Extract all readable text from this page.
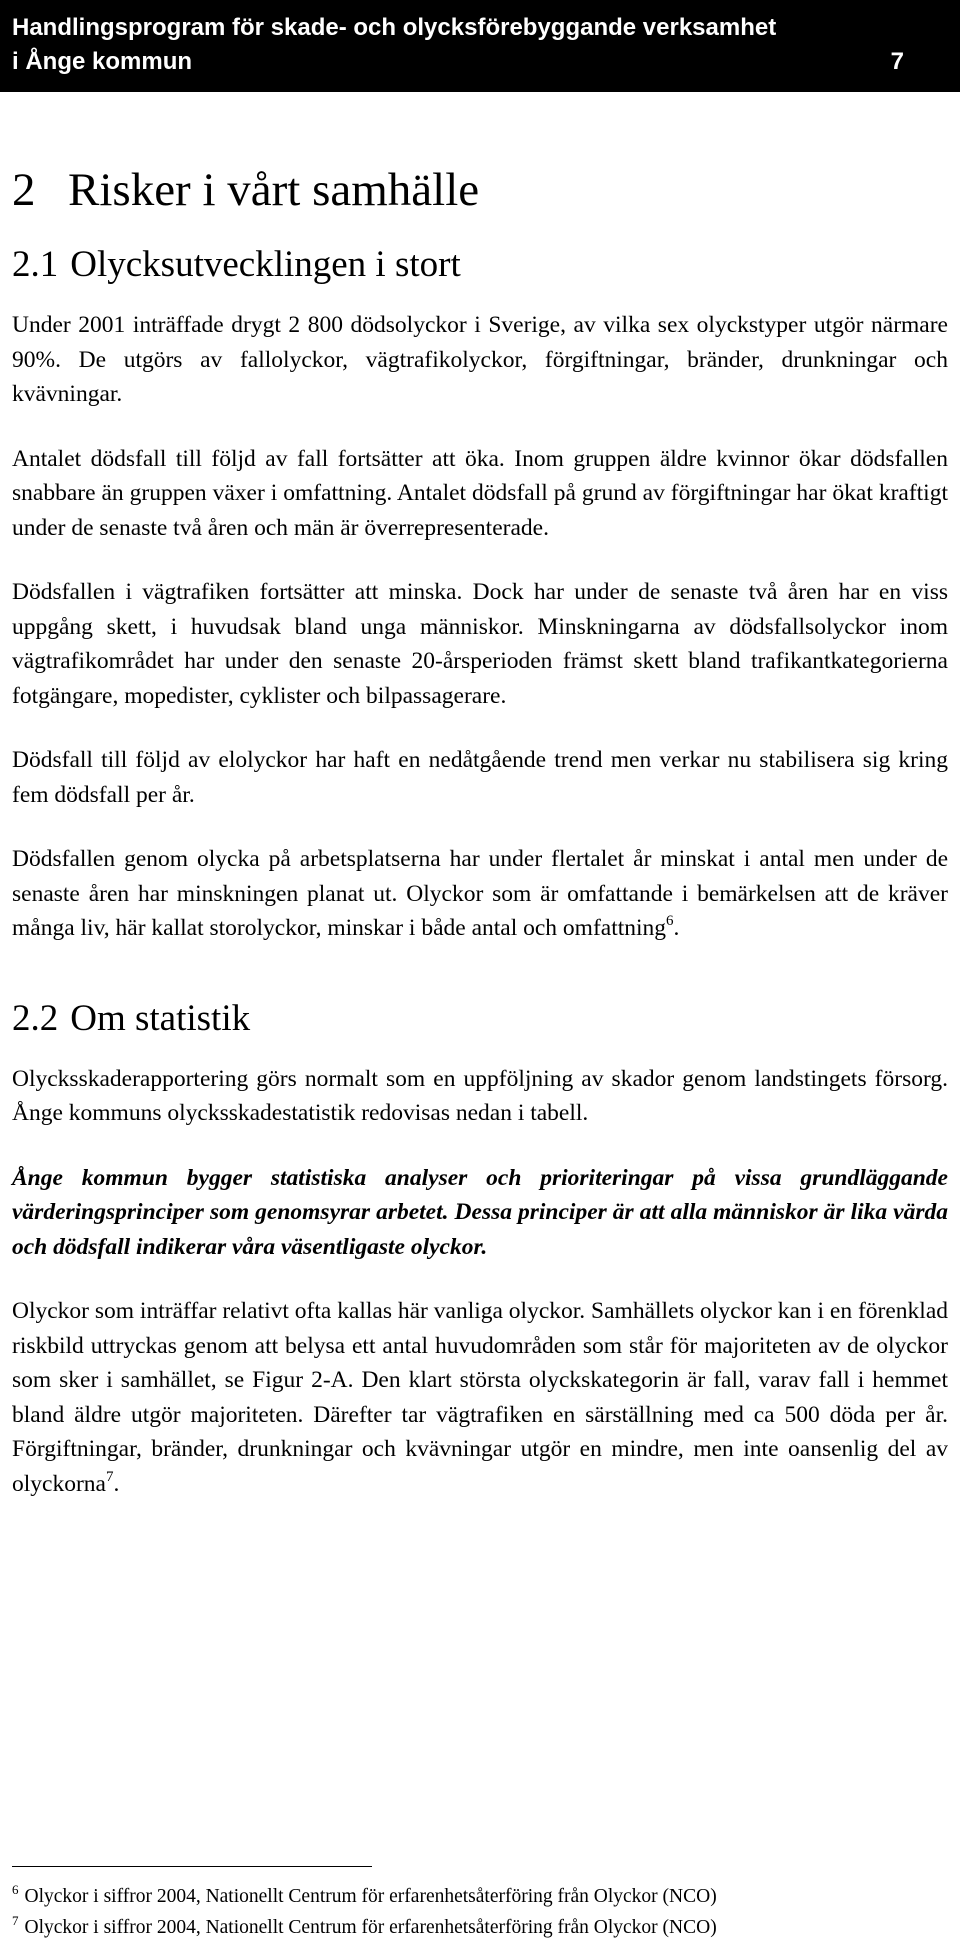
Handlingsprogram för skade- och olycksförebyggande verksamhet
i Ånge kommun	7
2 Risker i vårt samhälle
2.1 Olycksutvecklingen i stort

Under 2001 inträffade drygt 2 800 dödsolyckor i Sverige, av vilka sex olyckstyper utgör närmare 90%. De utgörs av fallolyckor, vägtrafikolyckor, förgiftningar, bränder, drunkningar och kvävningar.

Antalet dödsfall till följd av fall fortsätter att öka. Inom gruppen äldre kvinnor ökar dödsfallen snabbare än gruppen växer i omfattning. Antalet dödsfall på grund av förgiftningar har ökat kraftigt under de senaste två åren och män är överrepresenterade.

Dödsfallen i vägtrafiken fortsätter att minska. Dock har under de senaste två åren har en viss uppgång skett, i huvudsak bland unga människor. Minskningarna av dödsfallsolyckor inom vägtrafikområdet har under den senaste 20-årsperioden främst skett bland trafikantkategorierna fotgängare, mopedister, cyklister och bilpassagerare.

Dödsfall till följd av elolyckor har haft en nedåtgående trend men verkar nu stabilisera sig kring fem dödsfall per år.

Dödsfallen genom olycka på arbetsplatserna har under flertalet år minskat i antal men under de senaste åren har minskningen planat ut. Olyckor som är omfattande i bemärkelsen att de kräver många liv, här kallat storolyckor, minskar i både antal och omfattning$^6$.

2.2 Om statistik

Olycksskaderapportering görs normalt som en uppföljning av skador genom landstingets försorg. Ånge kommuns olycksskadestatistik redovisas nedan i tabell.

Ånge kommun bygger statistiska analyser och prioriteringar på vissa grundläggande värderingsprinciper som genomsyrar arbetet. Dessa principer är att alla människor är lika värda och dödsfall indikerar våra väsentligaste olyckor.

Olyckor som inträffar relativt ofta kallas här vanliga olyckor. Samhällets olyckor kan i en förenklad riskbild uttryckas genom att belysa ett antal huvudområden som står för majoriteten av de olyckor som sker i samhället, se Figur 2-A. Den klart största olyckskategorin är fall, varav fall i hemmet bland äldre utgör majoriteten. Därefter tar vägtrafiken en särställning med ca 500 döda per år. Förgiftningar, bränder, drunkningar och kvävningar utgör en mindre, men inte oansenlig del av olyckorna$^7$.

$^6$ Olyckor i siffror 2004, Nationellt Centrum för erfarenhetsåterföring från Olyckor (NCO)
$^7$ Olyckor i siffror 2004, Nationellt Centrum för erfarenhetsåterföring från Olyckor (NCO)
